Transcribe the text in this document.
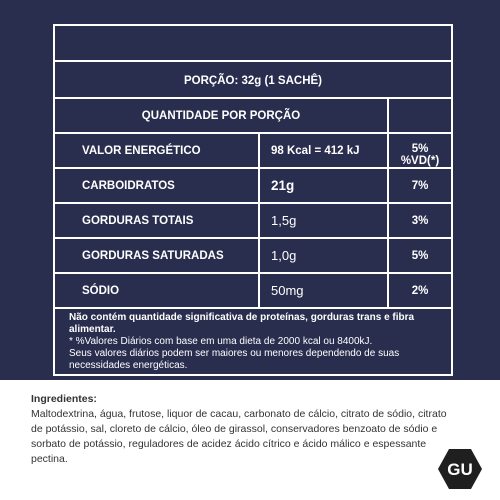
PORÇÃO: 32g (1 SACHÊ)
QUANTIDADE POR PORÇÃO
VALOR ENERGÉTICO	98 Kcal = 412 kJ	5%
%VD(*)
CARBOIDRATOS	21g	7%
GORDURAS TOTAIS	1,5g	3%
GORDURAS SATURADAS	1,0g	5%
SÓDIO	50mg	2%
Não contém quantidade significativa de proteínas, gorduras trans e fibra alimentar.
* %Valores Diários com base em uma dieta de 2000 kcal ou 8400kJ.
Seus valores diários podem ser maiores ou menores dependendo de suas necessidades energéticas.
Ingredientes:
Maltodextrina, água, frutose, liquor de cacau, carbonato de cálcio, citrato de sódio, citrato de potássio, sal, cloreto de cálcio, óleo de girassol, conservadores benzoato de sódio e sorbato de potássio, reguladores de acidez ácido cítrico e ácido málico e espessante pectina.
GU
